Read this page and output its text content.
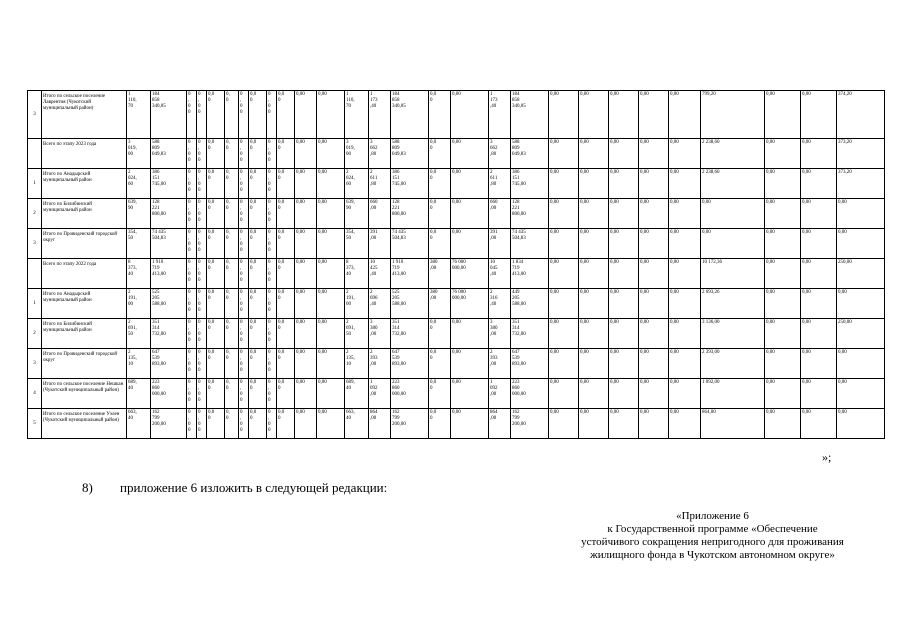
3	Итого по сельское поселение Лаврентия (Чукотский муниципальный район)	1
110,
70	184
858
340,05	0
,
0
0	0
,
0
0	0,0
0	0,
0	0
,
0
0	0,0
0	0
,
0
0	0,0
0	0,00	0,00	1
110,
70	1
173
,40	184
858
340,05	0,0
0	0,00	1
173
,40	184
858
340,05	0,00	0,00	0,00	0,00	0,00	799,20	0,00	0,00	374,20
	Всего по этапу 2023 года	3
019,
00	588
809
049,83	0
,
0
0	0
,
0
0	0,0
0	0,
0	0
,
0
0	0,0
0	0
,
0
0	0,0
0	0,00	0,00	3
019,
00	3
662
,80	588
809
049,83	0,0
0	0,00	3
662
,80	588
809
049,83	0,00	0,00	0,00	0,00	0,00	2 238,60	0,00	0,00	373,20
1	Итого по Анадырский муниципальный район	2
024,
60	386
151
745,00	0
,
0
0	0
,
0
0	0,0
0	0,
0	0
,
0
0	0,0
0	0
,
0
0	0,0
0	0,00	0,00	2
024,
60	2
611
,80	386
151
745,00	0,0
0	0,00	2
611
,80	386
151
745,00	0,00	0,00	0,00	0,00	0,00	2 238,60	0,00	0,00	373,20
2	Итого по Билибинский муниципальный район	639,
90	128
221
800,00	0
,
0
0	0
,
0
0	0,0
0	0,
0	0
,
0
0	0,0
0	0
,
0
0	0,0
0	0,00	0,00	639,
90	660
,00	128
221
800,00	0,0
0	0,00	660
,00	128
221
800,00	0,00	0,00	0,00	0,00	0,00	0,00	0,00	0,00	0,00
3	Итого по Провиденский городской округ	354,
50	74 435
504,83	0
,
0
0	0
,
0
0	0,0
0	0,
0	0
,
0
0	0,0
0	0
,
0
0	0,0
0	0,00	0,00	354,
50	391
,00	74 435
504,83	0,0
0	0,00	391
,00	74 435
504,83	0,00	0,00	0,00	0,00	0,00	0,00	0,00	0,00	0,00
	Всего по этапу 2022 года	8
373,
40	1 910
719
413,00	0
,
0
0	0
,
0
0	0,0
0	0,
0	0
,
0
0	0,0
0	0
,
0
0	0,0
0	0,00	0,00	8
373,
40	10
425
,40	1 910
719
413,00	380
,00	76 000
000,00	10
045
,40	1 834
719
413,00	0,00	0,00	0,00	0,00	0,00	10 172,36	0,00	0,00	250,00
1	Итого по Анадырский муниципальный район	2
191,
00	525
205
588,00	0
,
0
0	0
,
0
0	0,0
0	0,
0	0
,
0
0	0,0
0	0
,
0
0	0,0
0	0,00	0,00	2
191,
00	2
696
,40	525
205
588,00	380
,00	76 000
000,00	2
316
,40	449
205
588,00	0,00	0,00	0,00	0,00	0,00	2 693,26	0,00	0,00	0,00
2	Итого по Билибинский муниципальный район	2
691,
50	351
314
732,00	0
,
0
0	0
,
0
0	0,0
0	0,
0	0
,
0
0	0,0
0	0
,
0
0	0,0
0	0,00	0,00	2
691,
50	3
380
,00	351
314
732,00	0,0
0	0,00	3
380
,00	351
314
732,00	0,00	0,00	0,00	0,00	0,00	3 136,00	0,00	0,00	250,00
3	Итого по Провиденский городской округ	2
135,
10	647
539
893,00	0
,
0
0	0
,
0
0	0,0
0	0,
0	0
,
0
0	0,0
0	0
,
0
0	0,0
0	0,00	0,00	2
135,
10	2
393
,00	647
539
893,00	0,0
0	0,00	2
393
,00	647
539
893,00	0,00	0,00	0,00	0,00	0,00	2 393,00	0,00	0,00	0,00
4	Итого по сельское поселение Нешкан (Чукотский муниципальный район)	689,
40	223
860
000,00	0
,
0
0	0
,
0
0	0,0
0	0,
0	0
,
0
0	0,0
0	0
,
0
0	0,0
0	0,00	0,00	689,
40	1
092
,00	223
860
000,00	0,0
0	0,00	1
092
,00	223
860
000,00	0,00	0,00	0,00	0,00	0,00	1 092,00	0,00	0,00	0,00
5	Итого по сельское поселение Уэлен (Чукотский муниципальный район)	663,
40	162
799
200,00	0
,
0
0	0
,
0
0	0,0
0	0,
0	0
,
0
0	0,0
0	0
,
0
0	0,0
0	0,00	0,00	663,
40	864
,00	162
799
200,00	0,0
0	0,00	864
,00	162
799
200,00	0,00	0,00	0,00	0,00	0,00	864,00	0,00	0,00	0,00
»;
8) приложение 6 изложить в следующей редакции:
«Приложение 6
к Государственной программе «Обеспечение
устойчивого сокращения непригодного для проживания
жилищного фонда в Чукотском автономном округе»
